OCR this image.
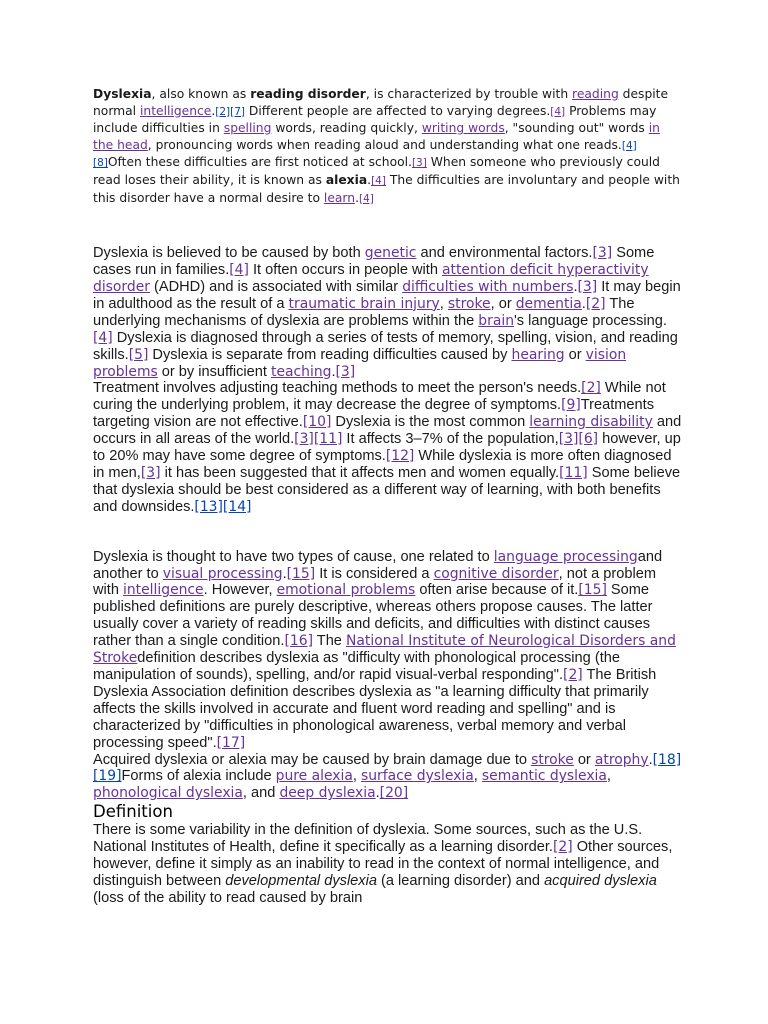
Dyslexia, also known as reading disorder, is characterized by trouble with reading despite normal intelligence.[2][7] Different people are affected to varying degrees.[4] Problems may include difficulties in spelling words, reading quickly, writing words, "sounding out" words in the head, pronouncing words when reading aloud and understanding what one reads.[4][8]Often these difficulties are first noticed at school.[3] When someone who previously could read loses their ability, it is known as alexia.[4] The difficulties are involuntary and people with this disorder have a normal desire to learn.[4]

Dyslexia is believed to be caused by both genetic and environmental factors.[3] Some cases run in families.[4] It often occurs in people with attention deficit hyperactivity disorder (ADHD) and is associated with similar difficulties with numbers.[3] It may begin in adulthood as the result of a traumatic brain injury, stroke, or dementia.[2] The underlying mechanisms of dyslexia are problems within the brain's language processing.[4] Dyslexia is diagnosed through a series of tests of memory, spelling, vision, and reading skills.[5] Dyslexia is separate from reading difficulties caused by hearing or vision problems or by insufficient teaching.[3]

Treatment involves adjusting teaching methods to meet the person's needs.[2] While not curing the underlying problem, it may decrease the degree of symptoms.[9]Treatments targeting vision are not effective.[10] Dyslexia is the most common learning disability and occurs in all areas of the world.[3][11] It affects 3–7% of the population,[3][6] however, up to 20% may have some degree of symptoms.[12] While dyslexia is more often diagnosed in men,[3] it has been suggested that it affects men and women equally.[11] Some believe that dyslexia should be best considered as a different way of learning, with both benefits and downsides.[13][14]

Dyslexia is thought to have two types of cause, one related to language processingand another to visual processing.[15] It is considered a cognitive disorder, not a problem with intelligence. However, emotional problems often arise because of it.[15] Some published definitions are purely descriptive, whereas others propose causes. The latter usually cover a variety of reading skills and deficits, and difficulties with distinct causes rather than a single condition.[16] The National Institute of Neurological Disorders and Strokedefinition describes dyslexia as "difficulty with phonological processing (the manipulation of sounds), spelling, and/or rapid visual-verbal responding".[2] The British Dyslexia Association definition describes dyslexia as "a learning difficulty that primarily affects the skills involved in accurate and fluent word reading and spelling" and is characterized by "difficulties in phonological awareness, verbal memory and verbal processing speed".[17]

Acquired dyslexia or alexia may be caused by brain damage due to stroke or atrophy.[18][19]Forms of alexia include pure alexia, surface dyslexia, semantic dyslexia, phonological dyslexia, and deep dyslexia.[20]

Definition

There is some variability in the definition of dyslexia. Some sources, such as the U.S. National Institutes of Health, define it specifically as a learning disorder.[2] Other sources, however, define it simply as an inability to read in the context of normal intelligence, and distinguish between developmental dyslexia (a learning disorder) and acquired dyslexia (loss of the ability to read caused by brain
